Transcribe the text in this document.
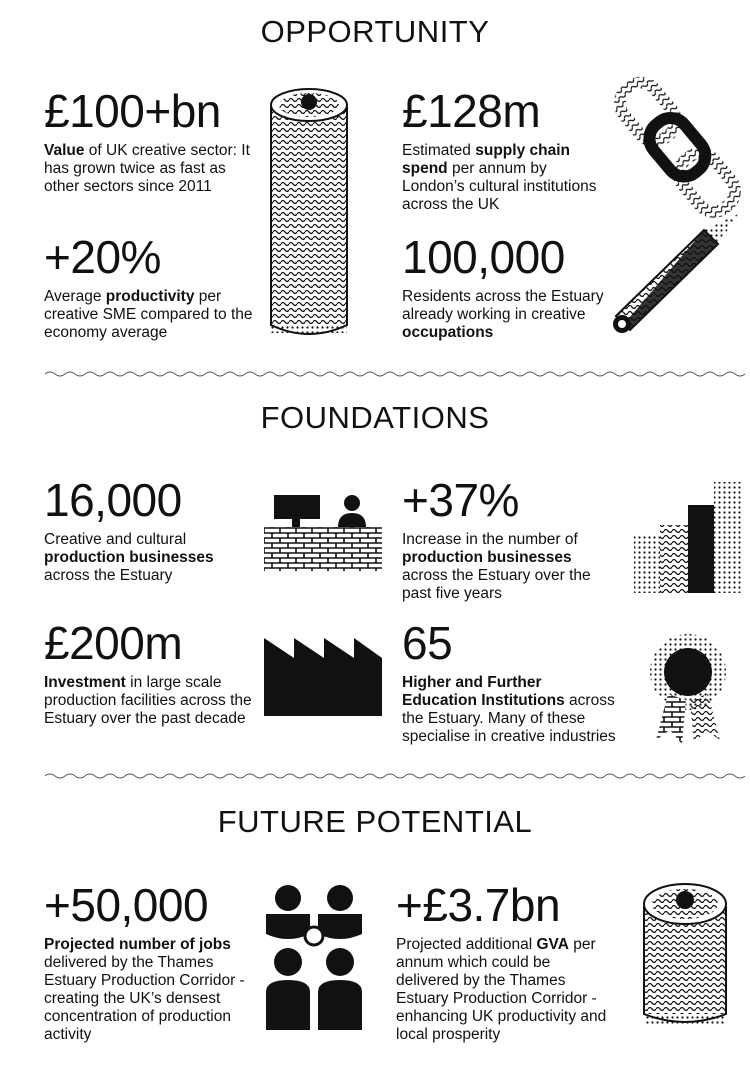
OPPORTUNITY
£100+bn
Value of UK creative sector: It has grown twice as fast as other sectors since 2011
£128m
Estimated supply chain spend per annum by London’s cultural institutions across the UK
+20%
Average productivity per creative SME compared to the economy average
100,000
Residents across the Estuary already working in creative occupations
FOUNDATIONS
16,000
Creative and cultural production businesses across the Estuary
+37%
Increase in the number of production businesses across the Estuary over the past five years
£200m
Investment in large scale production facilities across the Estuary over the past decade
65
Higher and Further Education Institutions across the Estuary. Many of these specialise in creative industries
FUTURE POTENTIAL
+50,000
Projected number of jobs delivered by the Thames Estuary Production Corridor - creating the UK’s densest concentration of production activity
+£3.7bn
Projected additional GVA per annum which could be delivered by the Thames Estuary Production Corridor - enhancing UK productivity and local prosperity
